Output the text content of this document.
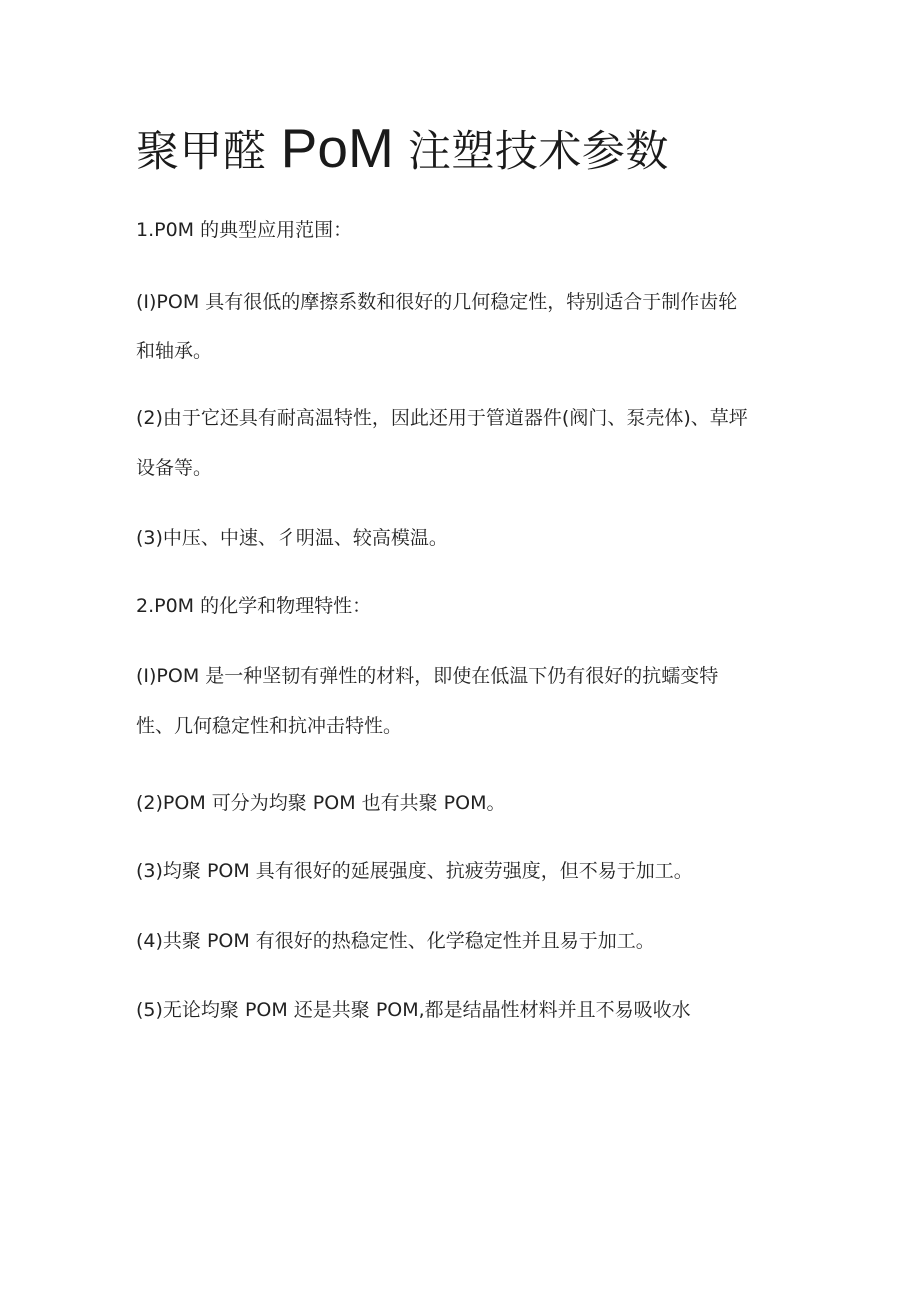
聚甲醛 PoM 注塑技术参数
1.P0M 的典型应用范围：
(I)POM 具有很低的摩擦系数和很好的几何稳定性，特别适合于制作齿轮
和轴承。
(2)由于它还具有耐高温特性，因此还用于管道器件(阀门、泵壳体)、草坪
设备等。
(3)中压、中速、彳明温、较高模温。
2.P0M 的化学和物理特性：
(I)POM 是一种坚韧有弹性的材料，即使在低温下仍有很好的抗蠕变特
性、几何稳定性和抗冲击特性。
(2)POM 可分为均聚 POM 也有共聚 POM。
(3)均聚 POM 具有很好的延展强度、抗疲劳强度，但不易于加工。
(4)共聚 POM 有很好的热稳定性、化学稳定性并且易于加工。
(5)无论均聚 POM 还是共聚 POM,都是结晶性材料并且不易吸收水
